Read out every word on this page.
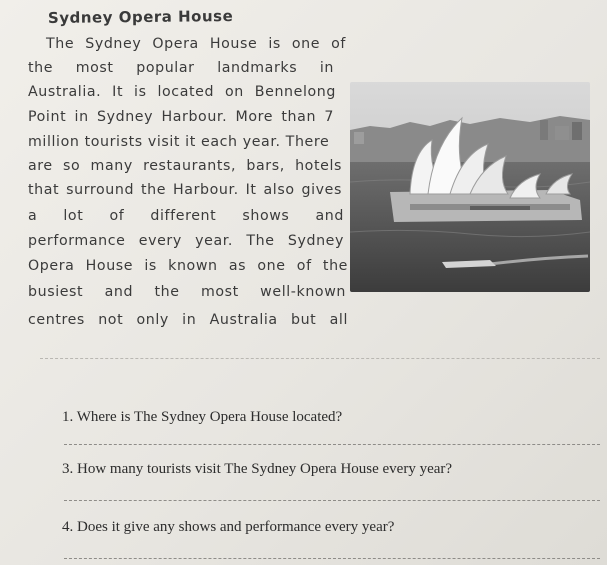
Sydney Opera House
The Sydney Opera House is one of
the most popular landmarks in
Australia. It is located on Bennelong
Point in Sydney Harbour. More than 7
million tourists visit it each year. There
are so many restaurants, bars, hotels
that surround the Harbour. It also gives
a lot of different shows and
performance every year. The Sydney
Opera House is known as one of the
busiest and the most well-known
centres not only in Australia but all
1. Where is The Sydney Opera House located?
3. How many tourists visit The Sydney Opera House every year?
4. Does it give any shows and performance every year?
